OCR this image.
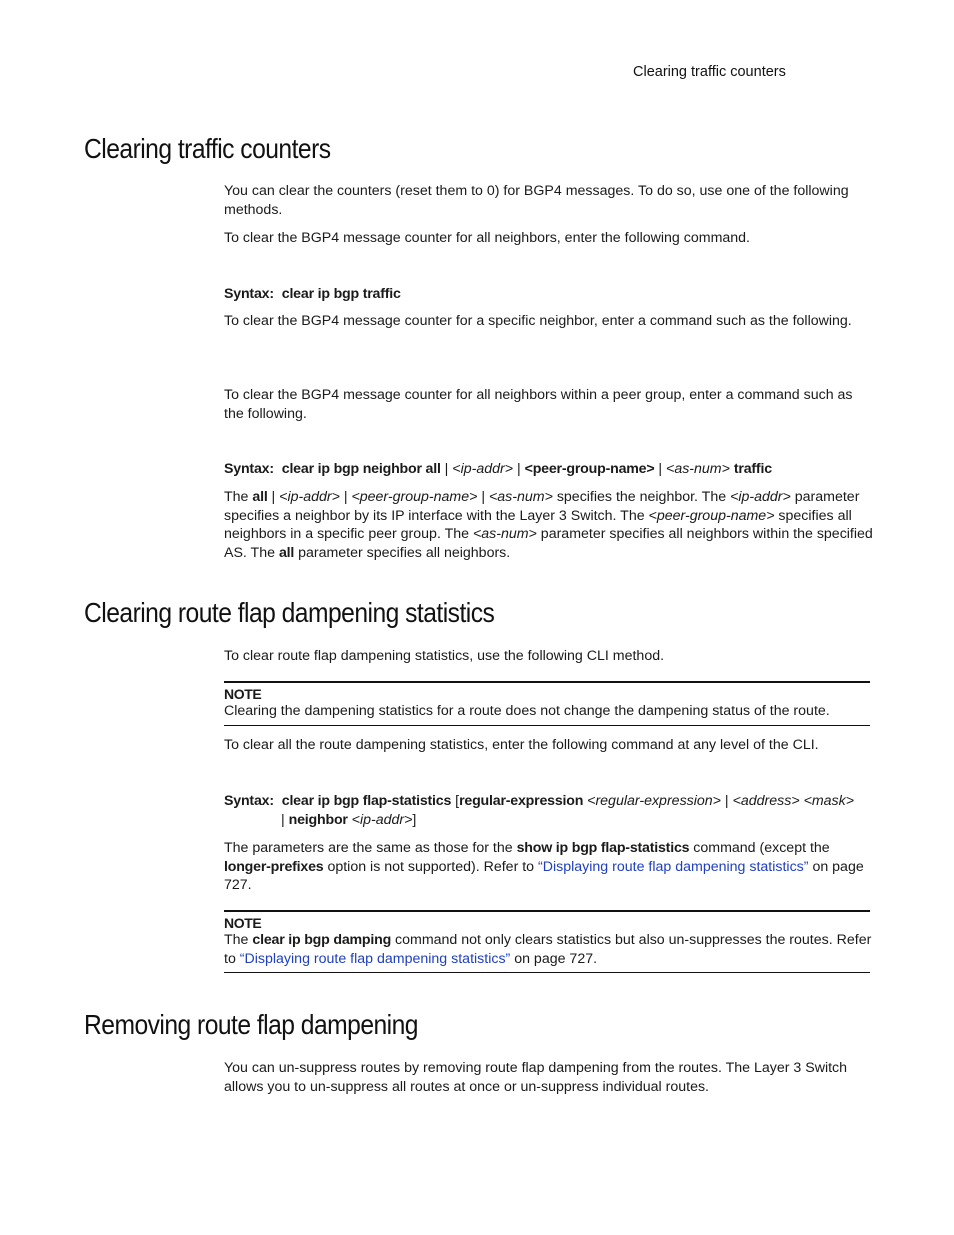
Clearing traffic counters
Clearing traffic counters

You can clear the counters (reset them to 0) for BGP4 messages. To do so, use one of the following methods.

To clear the BGP4 message counter for all neighbors, enter the following command.

Syntax: clear ip bgp traffic

To clear the BGP4 message counter for a specific neighbor, enter a command such as the following.

To clear the BGP4 message counter for all neighbors within a peer group, enter a command such as the following.

Syntax: clear ip bgp neighbor all | <ip-addr> | <peer-group-name> | <as-num> traffic

The all | <ip-addr> | <peer-group-name> | <as-num> specifies the neighbor. The <ip-addr> parameter specifies a neighbor by its IP interface with the Layer 3 Switch. The <peer-group-name> specifies all neighbors in a specific peer group. The <as-num> parameter specifies all neighbors within the specified AS. The all parameter specifies all neighbors.

Clearing route flap dampening statistics

To clear route flap dampening statistics, use the following CLI method.

NOTE

Clearing the dampening statistics for a route does not change the dampening status of the route.

To clear all the route dampening statistics, enter the following command at any level of the CLI.

Syntax: clear ip bgp flap-statistics [regular-expression <regular-expression> | <address> <mask>
| neighbor <ip-addr>]

The parameters are the same as those for the show ip bgp flap-statistics command (except the longer-prefixes option is not supported). Refer to “Displaying route flap dampening statistics” on page 727.

NOTE

The clear ip bgp damping command not only clears statistics but also un-suppresses the routes. Refer to “Displaying route flap dampening statistics” on page 727.

Removing route flap dampening

You can un-suppress routes by removing route flap dampening from the routes. The Layer 3 Switch allows you to un-suppress all routes at once or un-suppress individual routes.
